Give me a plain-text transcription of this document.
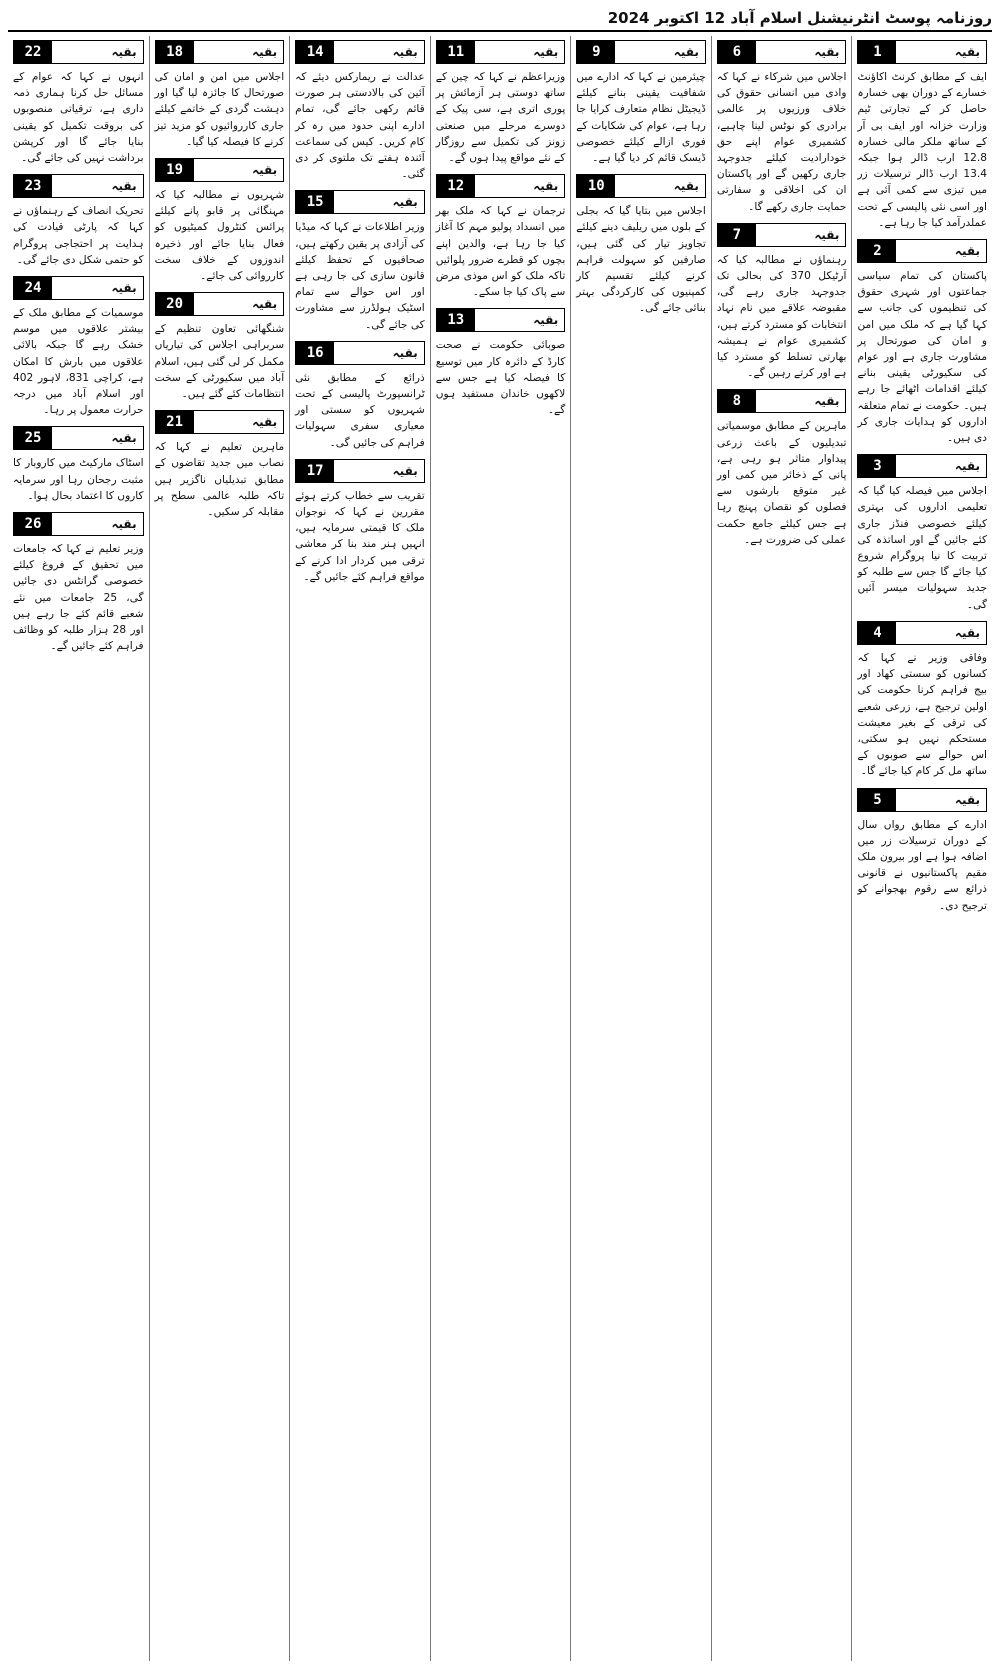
روزنامہ پوسٹ انٹرنیشنل اسلام آباد 12 اکتوبر 2024
بقیہ
1

ایف کے مطابق کرنٹ اکاؤنٹ خسارے کے دوران بھی خسارہ حاصل کر کے تجارتی ٹیم وزارت خزانہ اور ایف بی آر کے ساتھ ملکر مالی خسارہ 12.8 ارب ڈالر ہوا جبکہ 13.4 ارب ڈالر ترسیلات زر میں تیزی سے کمی آئی ہے اور اسی نئی پالیسی کے تحت عملدرآمد کیا جا رہا ہے۔

بقیہ
2

پاکستان کی تمام سیاسی جماعتوں اور شہری حقوق کی تنظیموں کی جانب سے کہا گیا ہے کہ ملک میں امن و امان کی صورتحال پر مشاورت جاری ہے اور عوام کی سکیورٹی یقینی بنانے کیلئے اقدامات اٹھائے جا رہے ہیں۔ حکومت نے تمام متعلقہ اداروں کو ہدایات جاری کر دی ہیں۔

بقیہ
3

اجلاس میں فیصلہ کیا گیا کہ تعلیمی اداروں کی بہتری کیلئے خصوصی فنڈز جاری کئے جائیں گے اور اساتذہ کی تربیت کا نیا پروگرام شروع کیا جائے گا جس سے طلبہ کو جدید سہولیات میسر آئیں گی۔

بقیہ
4

وفاقی وزیر نے کہا کہ کسانوں کو سستی کھاد اور بیج فراہم کرنا حکومت کی اولین ترجیح ہے، زرعی شعبے کی ترقی کے بغیر معیشت مستحکم نہیں ہو سکتی، اس حوالے سے صوبوں کے ساتھ مل کر کام کیا جائے گا۔

بقیہ
5

ادارے کے مطابق رواں سال کے دوران ترسیلات زر میں اضافہ ہوا ہے اور بیرون ملک مقیم پاکستانیوں نے قانونی ذرائع سے رقوم بھجوانے کو ترجیح دی۔

بقیہ
6

اجلاس میں شرکاء نے کہا کہ وادی میں انسانی حقوق کی خلاف ورزیوں پر عالمی برادری کو نوٹس لینا چاہیے، کشمیری عوام اپنے حق خودارادیت کیلئے جدوجہد جاری رکھیں گے اور پاکستان ان کی اخلاقی و سفارتی حمایت جاری رکھے گا۔

بقیہ
7

رہنماؤں نے مطالبہ کیا کہ آرٹیکل 370 کی بحالی تک جدوجہد جاری رہے گی، مقبوضہ علاقے میں نام نہاد انتخابات کو مسترد کرتے ہیں، کشمیری عوام نے ہمیشہ بھارتی تسلط کو مسترد کیا ہے اور کرتے رہیں گے۔

بقیہ
8

ماہرین کے مطابق موسمیاتی تبدیلیوں کے باعث زرعی پیداوار متاثر ہو رہی ہے، پانی کے ذخائر میں کمی اور غیر متوقع بارشوں سے فصلوں کو نقصان پہنچ رہا ہے جس کیلئے جامع حکمت عملی کی ضرورت ہے۔

بقیہ
9

چیئرمین نے کہا کہ ادارے میں شفافیت یقینی بنانے کیلئے ڈیجیٹل نظام متعارف کرایا جا رہا ہے، عوام کی شکایات کے فوری ازالے کیلئے خصوصی ڈیسک قائم کر دیا گیا ہے۔

بقیہ
10

اجلاس میں بتایا گیا کہ بجلی کے بلوں میں ریلیف دینے کیلئے تجاویز تیار کی گئی ہیں، صارفین کو سہولت فراہم کرنے کیلئے تقسیم کار کمپنیوں کی کارکردگی بہتر بنائی جائے گی۔

بقیہ
11

وزیراعظم نے کہا کہ چین کے ساتھ دوستی ہر آزمائش پر پوری اتری ہے، سی پیک کے دوسرے مرحلے میں صنعتی زونز کی تکمیل سے روزگار کے نئے مواقع پیدا ہوں گے۔

بقیہ
12

ترجمان نے کہا کہ ملک بھر میں انسداد پولیو مہم کا آغاز کیا جا رہا ہے، والدین اپنے بچوں کو قطرے ضرور پلوائیں تاکہ ملک کو اس موذی مرض سے پاک کیا جا سکے۔

بقیہ
13

صوبائی حکومت نے صحت کارڈ کے دائرہ کار میں توسیع کا فیصلہ کیا ہے جس سے لاکھوں خاندان مستفید ہوں گے۔

بقیہ
14

عدالت نے ریمارکس دیئے کہ آئین کی بالادستی ہر صورت قائم رکھی جائے گی، تمام ادارے اپنی حدود میں رہ کر کام کریں۔ کیس کی سماعت آئندہ ہفتے تک ملتوی کر دی گئی۔

بقیہ
15

وزیر اطلاعات نے کہا کہ میڈیا کی آزادی پر یقین رکھتے ہیں، صحافیوں کے تحفظ کیلئے قانون سازی کی جا رہی ہے اور اس حوالے سے تمام اسٹیک ہولڈرز سے مشاورت کی جائے گی۔

بقیہ
16

ذرائع کے مطابق نئی ٹرانسپورٹ پالیسی کے تحت شہریوں کو سستی اور معیاری سفری سہولیات فراہم کی جائیں گی۔

بقیہ
17

تقریب سے خطاب کرتے ہوئے مقررین نے کہا کہ نوجوان ملک کا قیمتی سرمایہ ہیں، انہیں ہنر مند بنا کر معاشی ترقی میں کردار ادا کرنے کے مواقع فراہم کئے جائیں گے۔

بقیہ
18

اجلاس میں امن و امان کی صورتحال کا جائزہ لیا گیا اور دہشت گردی کے خاتمے کیلئے جاری کارروائیوں کو مزید تیز کرنے کا فیصلہ کیا گیا۔

بقیہ
19

شہریوں نے مطالبہ کیا کہ مہنگائی پر قابو پانے کیلئے پرائس کنٹرول کمیٹیوں کو فعال بنایا جائے اور ذخیرہ اندوزوں کے خلاف سخت کارروائی کی جائے۔

بقیہ
20

شنگھائی تعاون تنظیم کے سربراہی اجلاس کی تیاریاں مکمل کر لی گئی ہیں، اسلام آباد میں سکیورٹی کے سخت انتظامات کئے گئے ہیں۔

بقیہ
21

ماہرین تعلیم نے کہا کہ نصاب میں جدید تقاضوں کے مطابق تبدیلیاں ناگزیر ہیں تاکہ طلبہ عالمی سطح پر مقابلہ کر سکیں۔

بقیہ
22

انہوں نے کہا کہ عوام کے مسائل حل کرنا ہماری ذمہ داری ہے، ترقیاتی منصوبوں کی بروقت تکمیل کو یقینی بنایا جائے گا اور کرپشن برداشت نہیں کی جائے گی۔

بقیہ
23

تحریک انصاف کے رہنماؤں نے کہا کہ پارٹی قیادت کی ہدایت پر احتجاجی پروگرام کو حتمی شکل دی جائے گی۔

بقیہ
24

موسمیات کے مطابق ملک کے بیشتر علاقوں میں موسم خشک رہے گا جبکہ بالائی علاقوں میں بارش کا امکان ہے، کراچی 831، لاہور 402 اور اسلام آباد میں درجہ حرارت معمول پر رہا۔

بقیہ
25

اسٹاک مارکیٹ میں کاروبار کا مثبت رجحان رہا اور سرمایہ کاروں کا اعتماد بحال ہوا۔

بقیہ
26

وزیر تعلیم نے کہا کہ جامعات میں تحقیق کے فروغ کیلئے خصوصی گرانٹس دی جائیں گی، 25 جامعات میں نئے شعبے قائم کئے جا رہے ہیں اور 28 ہزار طلبہ کو وظائف فراہم کئے جائیں گے۔
